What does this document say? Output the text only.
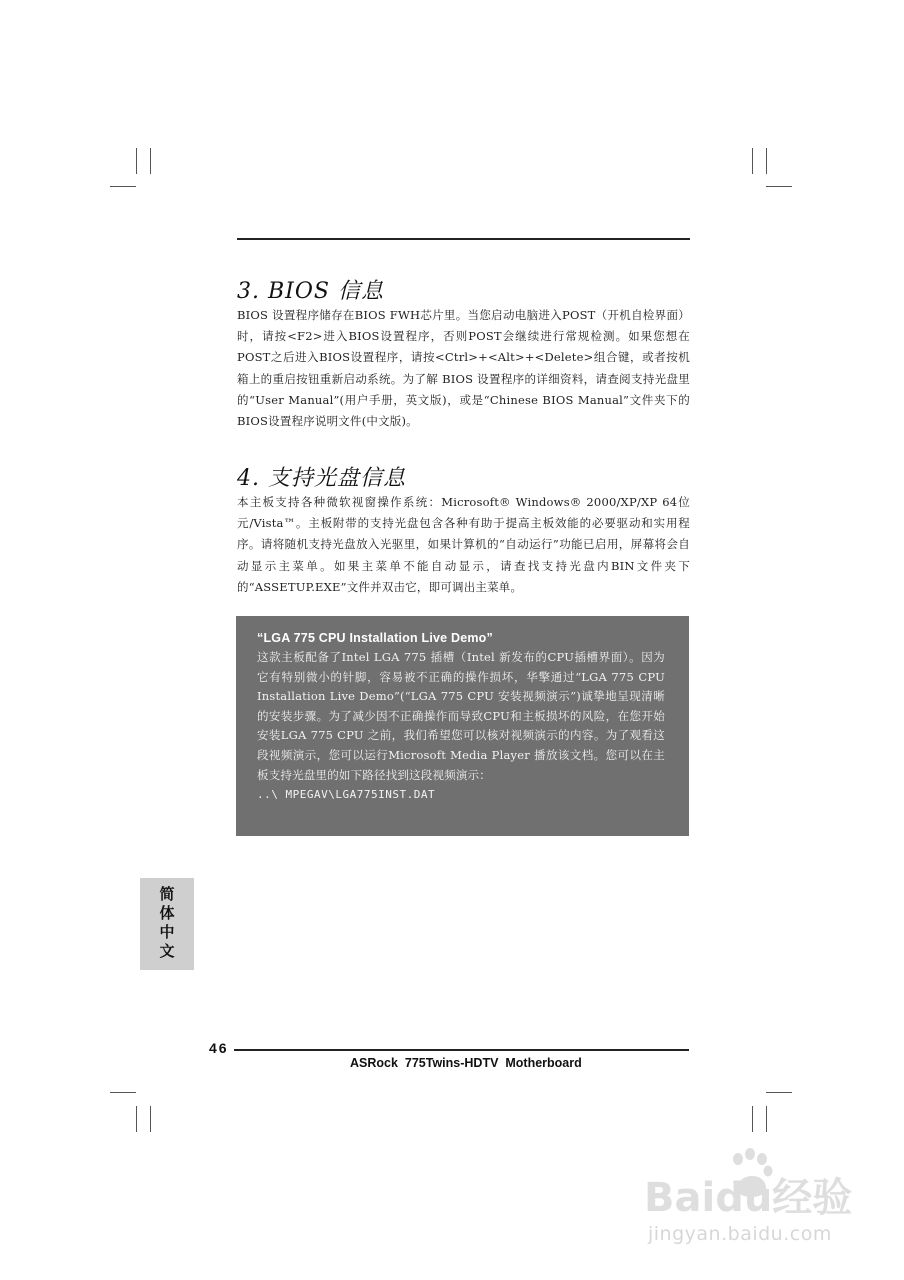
3. BIOS 信息

BIOS 设置程序储存在BIOS FWH芯片里。当您启动电脑进入POST（开机自检界面）时，请按<F2>进入BIOS设置程序，否则POST会继续进行常规检测。如果您想在POST之后进入BIOS设置程序，请按<Ctrl>+<Alt>+<Delete>组合键，或者按机箱上的重启按钮重新启动系统。为了解 BIOS 设置程序的详细资料，请查阅支持光盘里的“User Manual”(用户手册，英文版)，或是“Chinese BIOS Manual”文件夹下的BIOS设置程序说明文件(中文版)。

4. 支持光盘信息

本主板支持各种微软视窗操作系统：Microsoft® Windows® 2000/XP/XP 64位元/Vista™。主板附带的支持光盘包含各种有助于提高主板效能的必要驱动和实用程序。请将随机支持光盘放入光驱里，如果计算机的“自动运行”功能已启用，屏幕将会自动显示主菜单。如果主菜单不能自动显示，请查找支持光盘内BIN文件夹下的“ASSETUP.EXE”文件并双击它，即可调出主菜单。

“LGA 775 CPU Installation Live Demo”

这款主板配备了Intel LGA 775 插槽（Intel 新发布的CPU插槽界面）。因为它有特别微小的针脚，容易被不正确的操作损坏，华擎通过“LGA 775 CPU Installation Live Demo”(“LGA 775 CPU 安装视频演示”)诚挚地呈现清晰的安装步骤。为了减少因不正确操作而导致CPU和主板损坏的风险，在您开始安装LGA 775 CPU 之前，我们希望您可以核对视频演示的内容。为了观看这段视频演示，您可以运行Microsoft Media Player 播放该文档。您可以在主板支持光盘里的如下路径找到这段视频演示：

..\ MPEGAV\LGA775INST.DAT

简体中文

46

ASRock  775Twins-HDTV  Motherboard

Baidu经验

jingyan.baidu.com
